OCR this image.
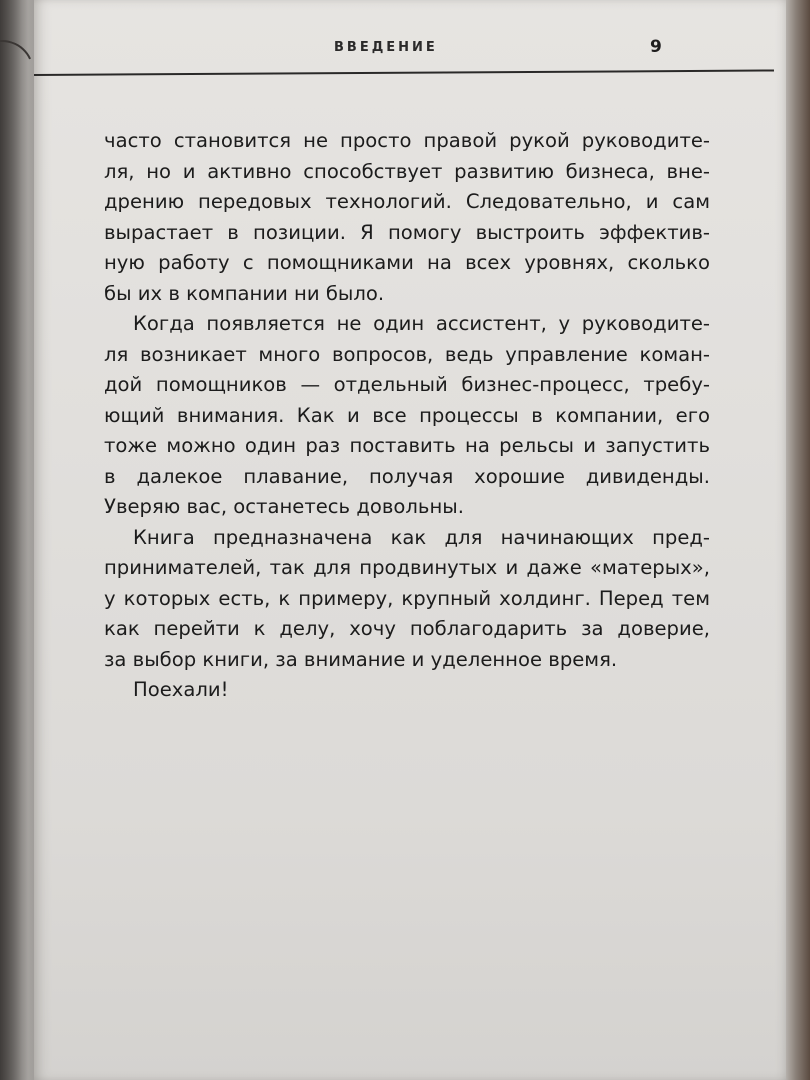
ВВЕДЕНИЕ	9

часто становится не просто правой рукой руководите-
ля, но и активно способствует развитию бизнеса, вне-
дрению передовых технологий. Следовательно, и сам
вырастает в позиции. Я помогу выстроить эффектив-
ную работу с помощниками на всех уровнях, сколько
бы их в компании ни было.

Когда появляется не один ассистент, у руководите-
ля возникает много вопросов, ведь управление коман-
дой помощников — отдельный бизнес-процесс, требу-
ющий внимания. Как и все процессы в компании, его
тоже можно один раз поставить на рельсы и запустить
в далекое плавание, получая хорошие дивиденды.
Уверяю вас, останетесь довольны.

Книга предназначена как для начинающих пред-
принимателей, так для продвинутых и даже «матерых»,
у которых есть, к примеру, крупный холдинг. Перед тем
как перейти к делу, хочу поблагодарить за доверие,
за выбор книги, за внимание и уделенное время.

Поехали!
